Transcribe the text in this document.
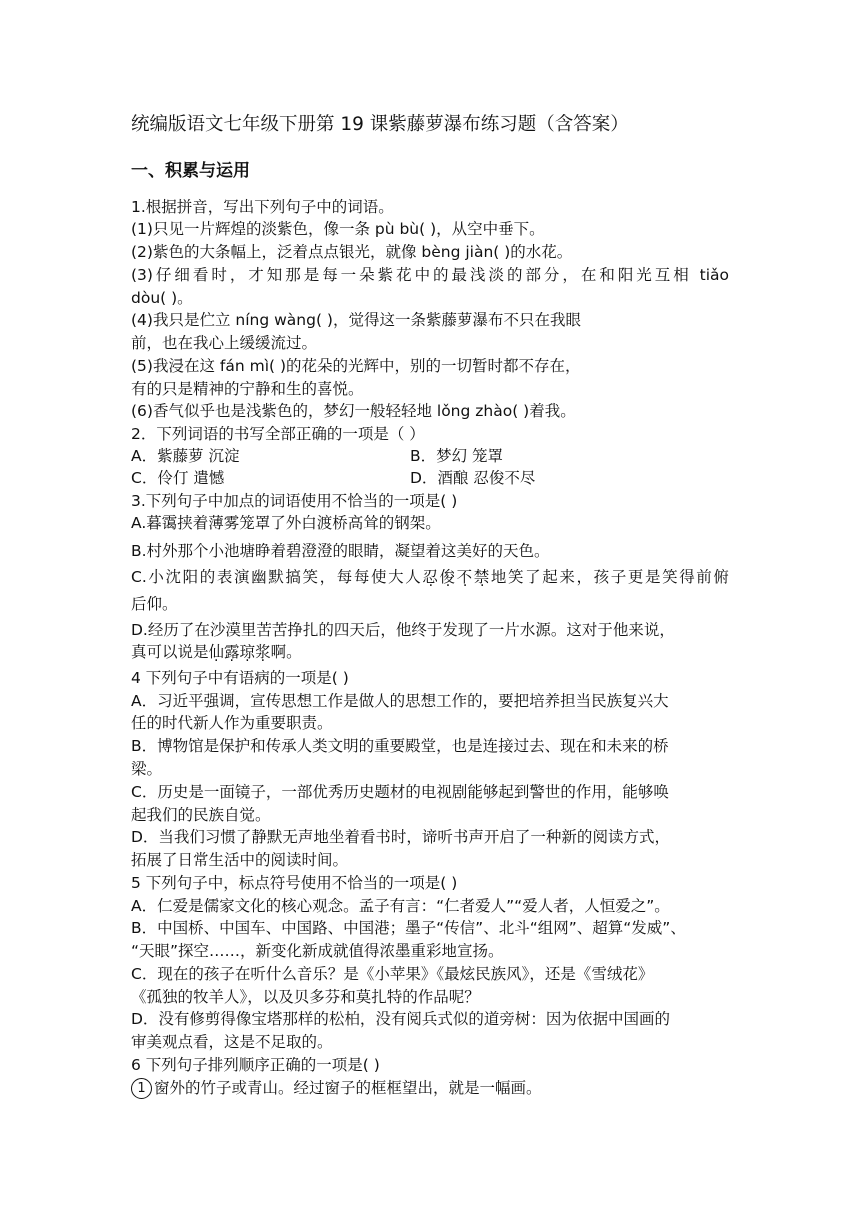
统编版语文七年级下册第 19 课紫藤萝瀑布练习题（含答案）
一、积累与运用
1.根据拼音，写出下列句子中的词语。
(1)只见一片辉煌的淡紫色，像一条 pù bù( )，从空中垂下。
(2)紫色的大条幅上，泛着点点银光，就像 bèng jiàn( )的水花。
(3)仔细看时，才知那是每一朵紫花中的最浅淡的部分，在和阳光互相 tiǎo
dòu( )。
(4)我只是伫立 níng wàng( )，觉得这一条紫藤萝瀑布不只在我眼
前，也在我心上缓缓流过。
(5)我浸在这 fán mì( )的花朵的光辉中，别的一切暂时都不存在，
有的只是精神的宁静和生的喜悦。
(6)香气似乎也是浅紫色的，梦幻一般轻轻地 lǒng zhào( )着我。
2．下列词语的书写全部正确的一项是（ ）
A．紫藤萝 沉淀	B．梦幻 笼罩
C．伶仃 遣憾	D．酒酿 忍俊不尽
3.下列句子中加点的词语使用不恰当的一项是( )
A.暮霭挟着薄雾笼罩了外白渡桥高耸的钢架。
B.村外那个小池塘睁着碧澄澄的眼睛，凝望着这美好的天色。
C.小沈阳的表演幽默搞笑，每每使大人忍俊不禁地笑了起来，孩子更是笑得前俯
后仰。
D.经历了在沙漠里苦苦挣扎的四天后，他终于发现了一片水源。这对于他来说，
真可以说是仙露琼浆啊。
4 下列句子中有语病的一项是( )
A．习近平强调，宣传思想工作是做人的思想工作的，要把培养担当民族复兴大
任的时代新人作为重要职责。
B．博物馆是保护和传承人类文明的重要殿堂，也是连接过去、现在和未来的桥
梁。
C．历史是一面镜子，一部优秀历史题材的电视剧能够起到警世的作用，能够唤
起我们的民族自觉。
D．当我们习惯了静默无声地坐着看书时，谛听书声开启了一种新的阅读方式，
拓展了日常生活中的阅读时间。
5 下列句子中，标点符号使用不恰当的一项是( )
A．仁爱是儒家文化的核心观念。孟子有言：“仁者爱人”“爱人者，人恒爱之”。
B．中国桥、中国车、中国路、中国港；墨子“传信”、北斗“组网”、超算“发威”、
“天眼”探空……，新变化新成就值得浓墨重彩地宣扬。
C．现在的孩子在听什么音乐？是《小苹果》《最炫民族风》，还是《雪绒花》
《孤独的牧羊人》，以及贝多芬和莫扎特的作品呢？
D．没有修剪得像宝塔那样的松柏，没有阅兵式似的道旁树：因为依据中国画的
审美观点看，这是不足取的。
6 下列句子排列顺序正确的一项是( )
1 窗外的竹子或青山。经过窗子的框框望出，就是一幅画。
